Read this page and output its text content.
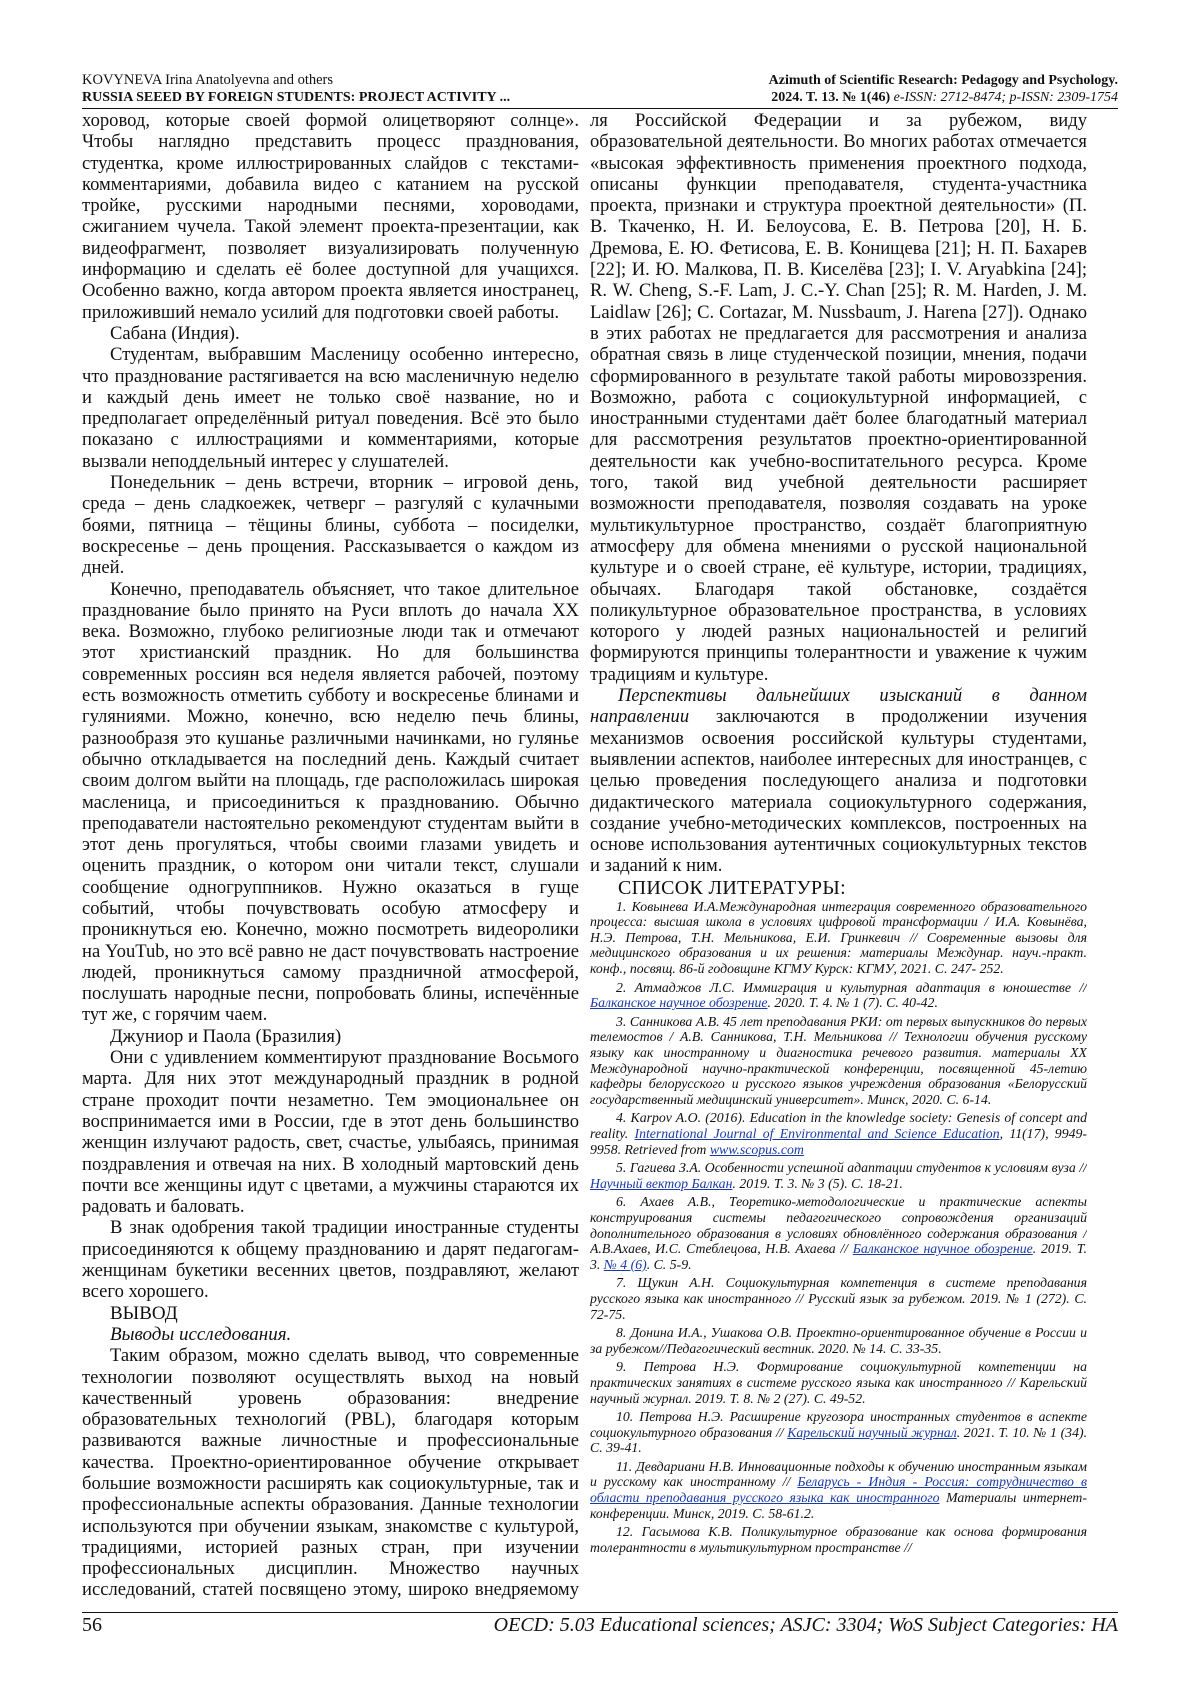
KOVYNEVA Irina Anatolyevna and others
RUSSIA SEEED BY FOREIGN STUDENTS: PROJECT ACTIVITY ...
Azimuth of Scientific Research: Pedagogy and Psychology.
2024. T. 13. № 1(46) e-ISSN: 2712-8474; p-ISSN: 2309-1754

хоровод, которые своей формой олицетворяют солнце». Чтобы наглядно представить процесс празднования, студентка, кроме иллюстрированных слайдов с текстами-комментариями, добавила видео с катанием на русской тройке, русскими народными песнями, хороводами, сжиганием чучела. Такой элемент проекта-презентации, как видеофрагмент, позволяет визуализировать полученную информацию и сделать её более доступной для учащихся. Особенно важно, когда автором проекта является иностранец, приложивший немало усилий для подготовки своей работы.

Сабана (Индия).

Студентам, выбравшим Масленицу особенно интересно, что празднование растягивается на всю масленичную неделю и каждый день имеет не только своё название, но и предполагает определённый ритуал поведения. Всё это было показано с иллюстрациями и комментариями, которые вызвали неподдельный интерес у слушателей.

Понедельник – день встречи, вторник – игровой день, среда – день сладкоежек, четверг – разгуляй с кулачными боями, пятница – тёщины блины, суббота – посиделки, воскресенье – день прощения. Рассказывается о каждом из дней.

Конечно, преподаватель объясняет, что такое длительное празднование было принято на Руси вплоть до начала XX века. Возможно, глубоко религиозные люди так и отмечают этот христианский праздник. Но для большинства современных россиян вся неделя является рабочей, поэтому есть возможность отметить субботу и воскресенье блинами и гуляниями. Можно, конечно, всю неделю печь блины, разнообразя это кушанье различными начинками, но гулянье обычно откладывается на последний день. Каждый считает своим долгом выйти на площадь, где расположилась широкая масленица, и присоединиться к празднованию. Обычно преподаватели настоятельно рекомендуют студентам выйти в этот день прогуляться, чтобы своими глазами увидеть и оценить праздник, о котором они читали текст, слушали сообщение одногруппников. Нужно оказаться в гуще событий, чтобы почувствовать особую атмосферу и проникнуться ею. Конечно, можно посмотреть видеоролики на YouTub, но это всё равно не даст почувствовать настроение людей, проникнуться самому праздничной атмосферой, послушать народные песни, попробовать блины, испечённые тут же, с горячим чаем.

Джуниор и Паола (Бразилия)

Они с удивлением комментируют празднование Восьмого марта. Для них этот международный праздник в родной стране проходит почти незаметно. Тем эмоциональнее он воспринимается ими в России, где в этот день большинство женщин излучают радость, свет, счастье, улыбаясь, принимая поздравления и отвечая на них. В холодный мартовский день почти все женщины идут с цветами, а мужчины стараются их радовать и баловать.

В знак одобрения такой традиции иностранные студенты присоединяются к общему празднованию и дарят педагогам-женщинам букетики весенних цветов, поздравляют, желают всего хорошего.

ВЫВОД
Выводы исследования.

Таким образом, можно сделать вывод, что современные технологии позволяют осуществлять выход на новый качественный уровень образования: внедрение образовательных технологий (PBL), благодаря которым развиваются важные личностные и профессиональные качества. Проектно-ориентированное обучение открывает большие возможности расширять как социокультурные, так и профессиональные аспекты образования. Данные технологии используются при обучении языкам, знакомстве с культурой, традициями, историей разных стран, при изучении профессиональных дисциплин. Множество научных исследований, статей посвящено этому, широко внедряемому

ля Российской Федерации и за рубежом, виду образовательной деятельности. Во многих работах отмечается «высокая эффективность применения проектного подхода, описаны функции преподавателя, студента-участника проекта, признаки и структура проектной деятельности» (П. В. Ткаченко, Н. И. Белоусова, Е. В. Петрова [20], Н. Б. Дремова, Е. Ю. Фетисова, Е. В. Конищева [21]; Н. П. Бахарев [22]; И. Ю. Малкова, П. В. Киселёва [23]; I. V. Aryabkina [24]; R. W. Cheng, S.-F. Lam, J. C.-Y. Chan [25]; R. M. Harden, J. M. Laidlaw [26]; C. Cortazar, M. Nussbaum, J. Harena [27]). Однако в этих работах не предлагается для рассмотрения и анализа обратная связь в лице студенческой позиции, мнения, подачи сформированного в результате такой работы мировоззрения. Возможно, работа с социокультурной информацией, с иностранными студентами даёт более благодатный материал для рассмотрения результатов проектно-ориентированной деятельности как учебно-воспитательного ресурса. Кроме того, такой вид учебной деятельности расширяет возможности преподавателя, позволяя создавать на уроке мультикультурное пространство, создаёт благоприятную атмосферу для обмена мнениями о русской национальной культуре и о своей стране, её культуре, истории, традициях, обычаях. Благодаря такой обстановке, создаётся поликультурное образовательное пространства, в условиях которого у людей разных национальностей и религий формируются принципы толерантности и уважение к чужим традициям и культуре.

Перспективы дальнейших изысканий в данном направлении заключаются в продолжении изучения механизмов освоения российской культуры студентами, выявлении аспектов, наиболее интересных для иностранцев, с целью проведения последующего анализа и подготовки дидактического материала социокультурного содержания, создание учебно-методических комплексов, построенных на основе использования аутентичных социокультурных текстов и заданий к ним.

СПИСОК ЛИТЕРАТУРЫ:

1. Ковынева И.А.Международная интеграция современного образовательного процесса: высшая школа в условиях цифровой трансформации / И.А. Ковынёва, Н.Э. Петрова, Т.Н. Мельникова, Е.И. Гринкевич // Современные вызовы для медицинского образования и их решения: материалы Междунар. науч.-практ. конф., посвящ. 86-й годовщине КГМУ Курск: КГМУ, 2021. С. 247- 252.

2. Атмаджов Л.С. Иммиграция и культурная адаптация в юношестве // Балканское научное обозрение. 2020. Т. 4. № 1 (7). С. 40-42.

3. Санникова А.В. 45 лет преподавания РКИ: от первых выпускников до первых телемостов / А.В. Санникова, Т.Н. Мельникова // Технологии обучения русскому языку как иностранному и диагностика речевого развития. материалы XX Международной научно-практической конференции, посвященной 45-летию кафедры белорусского и русского языков учреждения образования «Белорусский государственный медицинский университет». Минск, 2020. С. 6-14.

4. Karpov A.O. (2016). Education in the knowledge society: Genesis of concept and reality. International Journal of Environmental and Science Education, 11(17), 9949-9958. Retrieved from www.scopus.com

5. Гагиева З.А. Особенности успешной адаптации студентов к условиям вуза // Научный вектор Балкан. 2019. Т. 3. № 3 (5). С. 18-21.

6. Ахаев А.В., Теоретико-методологические и практические аспекты конструирования системы педагогического сопровождения организаций дополнительного образования в условиях обновлённого содержания образования / А.В.Ахаев, И.С. Стеблецова, Н.В. Ахаева // Балканское научное обозрение. 2019. Т. 3. № 4 (6). С. 5-9.

7. Щукин А.Н. Социокультурная компетенция в системе преподавания русского языка как иностранного // Русский язык за рубежом. 2019. № 1 (272). С. 72-75.

8. Донина И.А., Ушакова О.В. Проектно-ориентированное обучение в России и за рубежом//Педагогический вестник. 2020. № 14. С. 33-35.

9. Петрова Н.Э. Формирование социокультурной компетенции на практических занятиях в системе русского языка как иностранного // Карельский научный журнал. 2019. Т. 8. № 2 (27). С. 49-52.

10. Петрова Н.Э. Расширение кругозора иностранных студентов в аспекте социокультурного образования // Карельский научный журнал. 2021. Т. 10. № 1 (34). С. 39-41.

11. Девдариани Н.В. Инновационные подходы к обучению иностранным языкам и русскому как иностранному // Беларусь - Индия - Россия: сотрудничество в области преподавания русского языка как иностранного Материалы интернет-конференции. Минск, 2019. С. 58-61.2.

12. Гасымова К.В. Поликультурное образование как основа формирования толерантности в мультикультурном пространстве //

56	OECD: 5.03 Educational sciences; ASJC: 3304; WoS Subject Categories: HA
